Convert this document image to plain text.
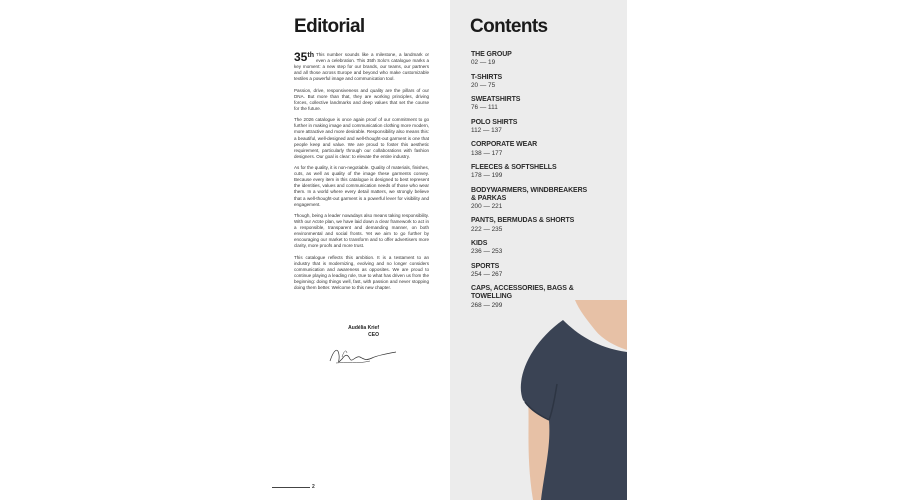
Editorial

35th This number sounds like a milestone, a landmark or even a celebration. This 35th Solo’s catalogue marks a key moment: a new step for our brands, our teams, our partners and all those across Europe and beyond who make customizable textiles a powerful image and communication tool.

Passion, drive, responsiveness and quality are the pillars of our DNA. But more than that, they are working principles, driving forces, collective landmarks and deep values that set the course for the future.

The 2026 catalogue is once again proof of our commitment to go further in making image and communication clothing more modern, more attractive and more desirable. Responsibility also means this: a beautiful, well-designed and well-thought-out garment is one that people keep and value. We are proud to foster this aesthetic requirement, particularly through our collaborations with fashion designers. Our goal is clear: to elevate the entire industry.

As for the quality, it is non-negotiable. Quality of materials, finishes, cuts, as well as quality of the image these garments convey. Because every item in this catalogue is designed to best represent the identities, values and communication needs of those who wear them. In a world where every detail matters, we strongly believe that a well-thought-out garment is a powerful lever for visibility and engagement.

Though, being a leader nowadays also means taking responsibility. With our Act4e plan, we have laid down a clear framework to act in a responsible, transparent and demanding manner, on both environmental and social fronts. Yet we aim to go further by encouraging our market to transform and to offer advertisers more clarity, more proofs and more trust.

This catalogue reflects this ambition. It is a testament to an industry that is modernizing, evolving and no longer considers communication and awareness as opposites. We are proud to continue playing a leading role, true to what has driven us from the beginning: doing things well, fast, with passion and never stopping doing them better. Welcome to this new chapter.

Audélia Krief
CEO
2
Contents
THE GROUP
02 — 19
T-SHIRTS
20 — 75
SWEATSHIRTS
76 — 111
POLO SHIRTS
112 — 137
CORPORATE WEAR
138 — 177
FLEECES & SOFTSHELLS
178 — 199
BODYWARMERS, WINDBREAKERS & PARKAS
200 — 221
PANTS, BERMUDAS & SHORTS
222 — 235
KIDS
236 — 253
SPORTS
254 — 267
CAPS, ACCESSORIES, BAGS & TOWELLING
268 — 299
